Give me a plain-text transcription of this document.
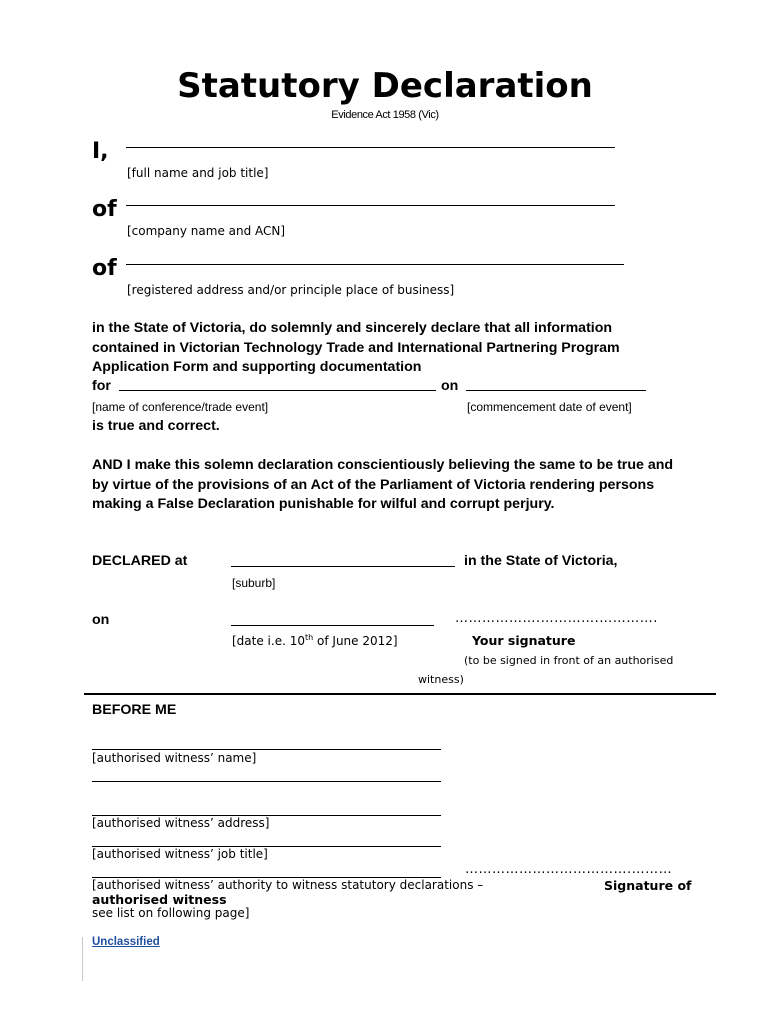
Statutory Declaration
Evidence Act 1958 (Vic)
I,
[full name and job title]
of
[company name and ACN]
of
[registered address and/or principle place of business]
in the State of Victoria, do solemnly and sincerely declare that all information contained in Victorian Technology Trade and International Partnering Program Application Form and supporting documentation
for	on
[name of conference/trade event]	[commencement date of event]
is true and correct.
AND I make this solemn declaration conscientiously believing the same to be true and by virtue of the provisions of an Act of the Parliament of Victoria rendering persons making a False Declaration punishable for wilful and corrupt perjury.
DECLARED at	in the State of Victoria,
[suburb]
on	……………….………….………….
[date i.e. 10th of June 2012]	Your signature
(to be signed in front of an authorised
witness)
BEFORE ME
[authorised witness’ name]
[authorised witness’ address]
[authorised witness’ job title]
……………………………….………
[authorised witness’ authority to witness statutory declarations –	Signature of
authorised witness
see list on following page]
Unclassified
